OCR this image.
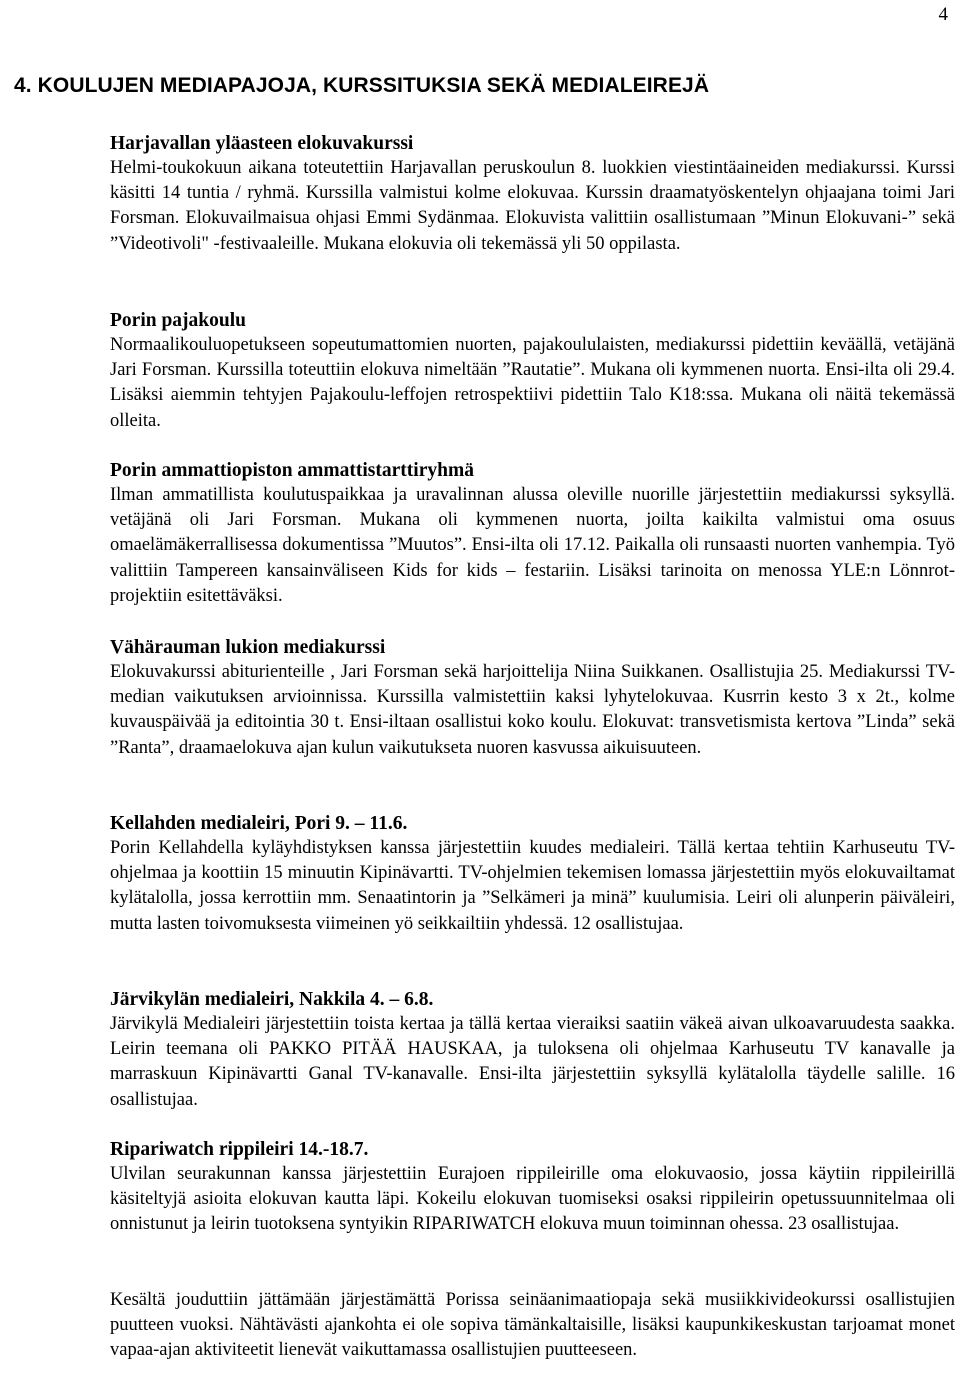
4
4. KOULUJEN MEDIAPAJOJA, KURSSITUKSIA SEKÄ MEDIALEIREJÄ
Harjavallan yläasteen elokuvakurssi

Helmi-toukokuun aikana toteutettiin Harjavallan peruskoulun 8. luokkien viestintäaineiden mediakurssi. Kurssi käsitti 14 tuntia / ryhmä. Kurssilla valmistui kolme elokuvaa. Kurssin draamatyöskentelyn ohjaajana toimi Jari Forsman. Elokuvailmaisua ohjasi Emmi Sydänmaa. Elokuvista valittiin osallistumaan ”Minun Elokuvani-” sekä ”Videotivoli" -festivaaleille. Mukana elokuvia oli tekemässä yli 50 oppilasta.

Porin pajakoulu

Normaalikouluopetukseen sopeutumattomien nuorten, pajakoululaisten, mediakurssi pidettiin keväällä, vetäjänä Jari Forsman. Kurssilla toteuttiin elokuva nimeltään ”Rautatie”. Mukana oli kymmenen nuorta. Ensi-ilta oli 29.4. Lisäksi aiemmin tehtyjen Pajakoulu-leffojen retrospektiivi pidettiin Talo K18:ssa. Mukana oli näitä tekemässä olleita.

Porin ammattiopiston ammattistarttiryhmä

Ilman ammatillista koulutuspaikkaa ja uravalinnan alussa oleville nuorille järjestettiin mediakurssi syksyllä. vetäjänä oli Jari Forsman. Mukana oli kymmenen nuorta, joilta kaikilta valmistui oma osuus omaelämäkerrallisessa dokumentissa ”Muutos”. Ensi-ilta oli 17.12. Paikalla oli runsaasti nuorten vanhempia. Työ valittiin Tampereen kansainväliseen Kids for kids – festariin. Lisäksi tarinoita on menossa YLE:n Lönnrot-projektiin esitettäväksi.

Vähärauman lukion mediakurssi

Elokuvakurssi abiturienteille , Jari Forsman sekä harjoittelija Niina Suikkanen. Osallistujia 25. Mediakurssi TV-median vaikutuksen arvioinnissa. Kurssilla valmistettiin kaksi lyhytelokuvaa. Kusrrin kesto 3 x 2t., kolme kuvauspäivää ja editointia 30 t. Ensi-iltaan osallistui koko koulu. Elokuvat: transvetismista kertova ”Linda” sekä ”Ranta”, draamaelokuva ajan kulun vaikutukseta nuoren kasvussa aikuisuuteen.

Kellahden medialeiri, Pori 9. – 11.6.

Porin Kellahdella kyläyhdistyksen kanssa järjestettiin kuudes medialeiri. Tällä kertaa tehtiin Karhuseutu TV-ohjelmaa ja koottiin 15 minuutin Kipinävartti. TV-ohjelmien tekemisen lomassa järjestettiin myös elokuvailtamat kylätalolla, jossa kerrottiin mm. Senaatintorin ja ”Selkämeri ja minä” kuulumisia. Leiri oli alunperin päiväleiri, mutta lasten toivomuksesta viimeinen yö seikkailtiin yhdessä. 12 osallistujaa.

Järvikylän medialeiri, Nakkila 4. – 6.8.

Järvikylä Medialeiri järjestettiin toista kertaa ja tällä kertaa vieraiksi saatiin väkeä aivan ulkoavaruudesta saakka. Leirin teemana oli PAKKO PITÄÄ HAUSKAA, ja tuloksena oli ohjelmaa Karhuseutu TV kanavalle ja marraskuun Kipinävartti Ganal TV-kanavalle. Ensi-ilta järjestettiin syksyllä kylätalolla täydelle salille. 16 osallistujaa.

Ripariwatch rippileiri 14.-18.7.

Ulvilan seurakunnan kanssa järjestettiin Eurajoen rippileirille oma elokuvaosio, jossa käytiin rippileirillä käsiteltyjä asioita elokuvan kautta läpi. Kokeilu elokuvan tuomiseksi osaksi rippileirin opetussuunnitelmaa oli onnistunut ja leirin tuotoksena syntyikin RIPARIWATCH elokuva muun toiminnan ohessa. 23 osallistujaa.

Kesältä jouduttiin jättämään järjestämättä Porissa seinäanimaatiopaja sekä musiikkivideokurssi osallistujien puutteen vuoksi. Nähtävästi ajankohta ei ole sopiva tämänkaltaisille, lisäksi kaupunkikeskustan tarjoamat monet vapaa-ajan aktiviteetit lienevät vaikuttamassa osallistujien puutteeseen.
